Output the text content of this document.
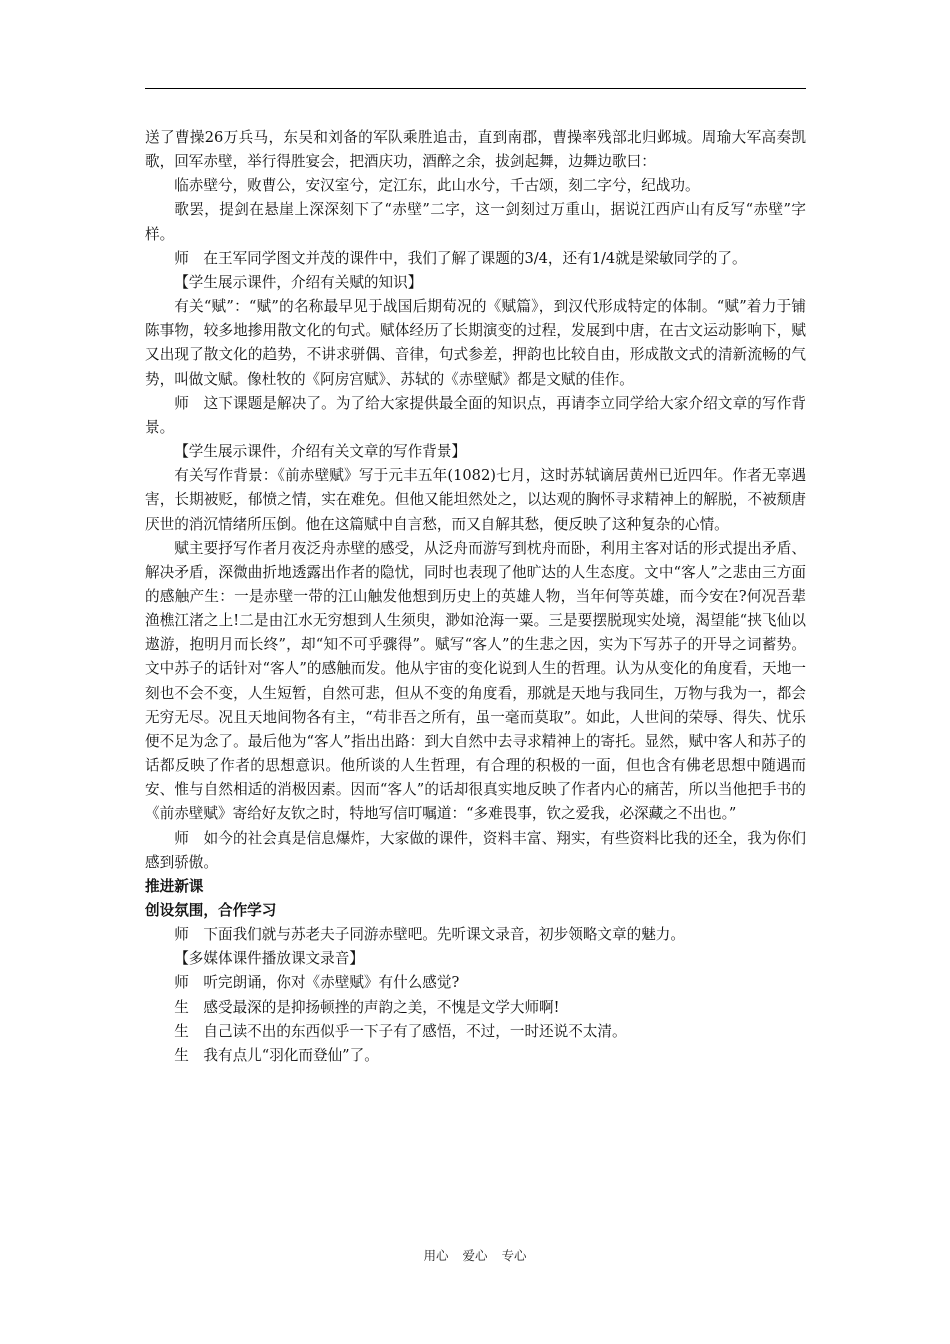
送了曹操26万兵马，东吴和刘备的军队乘胜追击，直到南郡，曹操率残部北归邺城。周瑜大军高奏凯歌，回军赤壁，举行得胜宴会，把酒庆功，酒醉之余，拔剑起舞，边舞边歌曰：

临赤壁兮，败曹公，安汉室兮，定江东，此山水兮，千古颂，刻二字兮，纪战功。

歌罢，提剑在悬崖上深深刻下了“赤壁”二字，这一剑刻过万重山，据说江西庐山有反写“赤壁”字样。

师　在王军同学图文并茂的课件中，我们了解了课题的3/4，还有1/4就是梁敏同学的了。

【学生展示课件，介绍有关赋的知识】

有关“赋”：“赋”的名称最早见于战国后期荀况的《赋篇》，到汉代形成特定的体制。“赋”着力于铺陈事物，较多地掺用散文化的句式。赋体经历了长期演变的过程，发展到中唐，在古文运动影响下，赋又出现了散文化的趋势，不讲求骈偶、音律，句式参差，押韵也比较自由，形成散文式的清新流畅的气势，叫做文赋。像杜牧的《阿房宫赋》、苏轼的《赤壁赋》都是文赋的佳作。

师　这下课题是解决了。为了给大家提供最全面的知识点，再请李立同学给大家介绍文章的写作背景。

【学生展示课件，介绍有关文章的写作背景】

有关写作背景：《前赤壁赋》写于元丰五年(1082)七月，这时苏轼谪居黄州已近四年。作者无辜遇害，长期被贬，郁愤之情，实在难免。但他又能坦然处之，以达观的胸怀寻求精神上的解脱，不被颓唐厌世的消沉情绪所压倒。他在这篇赋中自言愁，而又自解其愁，便反映了这种复杂的心情。

赋主要抒写作者月夜泛舟赤壁的感受，从泛舟而游写到枕舟而卧，利用主客对话的形式提出矛盾、解决矛盾，深微曲折地透露出作者的隐忧，同时也表现了他旷达的人生态度。文中“客人”之悲由三方面的感触产生：一是赤壁一带的江山触发他想到历史上的英雄人物，当年何等英雄，而今安在?何况吾辈渔樵江渚之上!二是由江水无穷想到人生须臾，渺如沧海一粟。三是要摆脱现实处境，渴望能“挟飞仙以遨游，抱明月而长终”，却“知不可乎骤得”。赋写“客人”的生悲之因，实为下写苏子的开导之词蓄势。文中苏子的话针对“客人”的感触而发。他从宇宙的变化说到人生的哲理。认为从变化的角度看，天地一刻也不会不变，人生短暂，自然可悲，但从不变的角度看，那就是天地与我同生，万物与我为一，都会无穷无尽。况且天地间物各有主，“苟非吾之所有，虽一毫而莫取”。如此，人世间的荣辱、得失、忧乐便不足为念了。最后他为“客人”指出出路：到大自然中去寻求精神上的寄托。显然，赋中客人和苏子的话都反映了作者的思想意识。他所谈的人生哲理，有合理的积极的一面，但也含有佛老思想中随遇而安、惟与自然相适的消极因素。因而“客人”的话却很真实地反映了作者内心的痛苦，所以当他把手书的《前赤壁赋》寄给好友钦之时，特地写信叮嘱道：“多难畏事，钦之爱我，必深藏之不出也。”

师　如今的社会真是信息爆炸，大家做的课件，资料丰富、翔实，有些资料比我的还全，我为你们感到骄傲。

推进新课

创设氛围，合作学习

师　下面我们就与苏老夫子同游赤壁吧。先听课文录音，初步领略文章的魅力。

【多媒体课件播放课文录音】

师　听完朗诵，你对《赤壁赋》有什么感觉?

生　感受最深的是抑扬顿挫的声韵之美，不愧是文学大师啊!

生　自己读不出的东西似乎一下子有了感悟，不过，一时还说不太清。

生　我有点儿“羽化而登仙”了。

用心 爱心 专心
